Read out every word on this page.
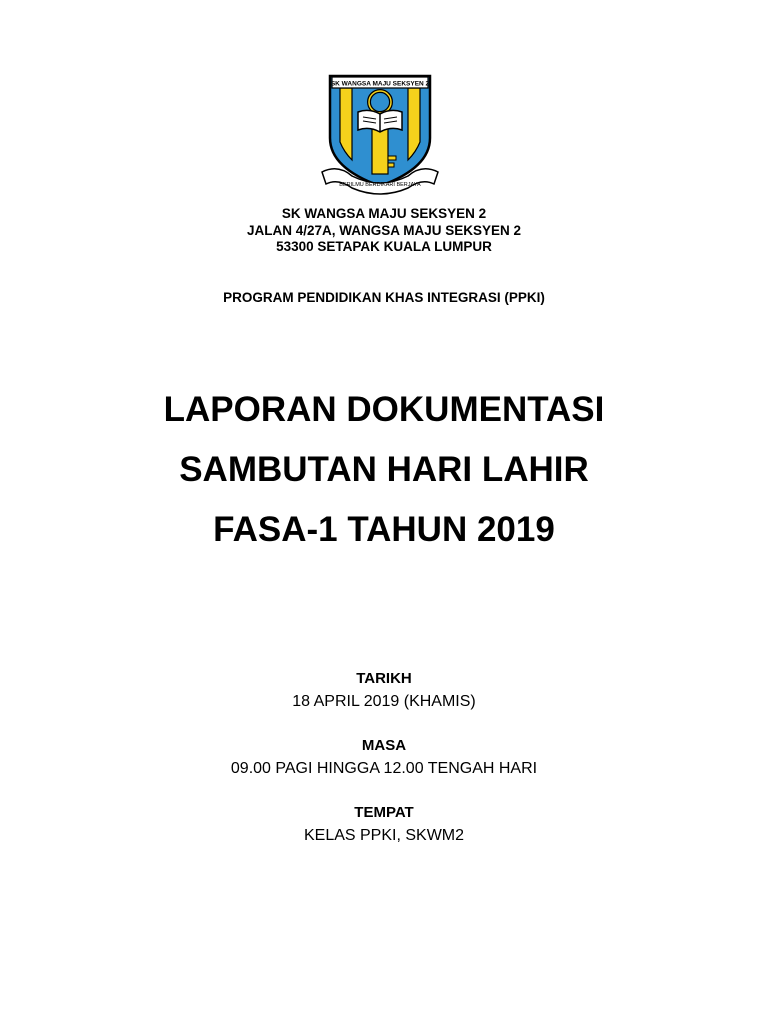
SK WANGSA MAJU SEKSYEN 2
BERILMU BERDIKARI BERJAYA
SK WANGSA MAJU SEKSYEN 2
JALAN 4/27A, WANGSA MAJU SEKSYEN 2
53300 SETAPAK KUALA LUMPUR
PROGRAM PENDIDIKAN KHAS INTEGRASI (PPKI)
LAPORAN DOKUMENTASI
SAMBUTAN HARI LAHIR
FASA-1 TAHUN 2019
TARIKH
18 APRIL 2019 (KHAMIS)
MASA
09.00 PAGI HINGGA 12.00 TENGAH HARI
TEMPAT
KELAS PPKI, SKWM2
